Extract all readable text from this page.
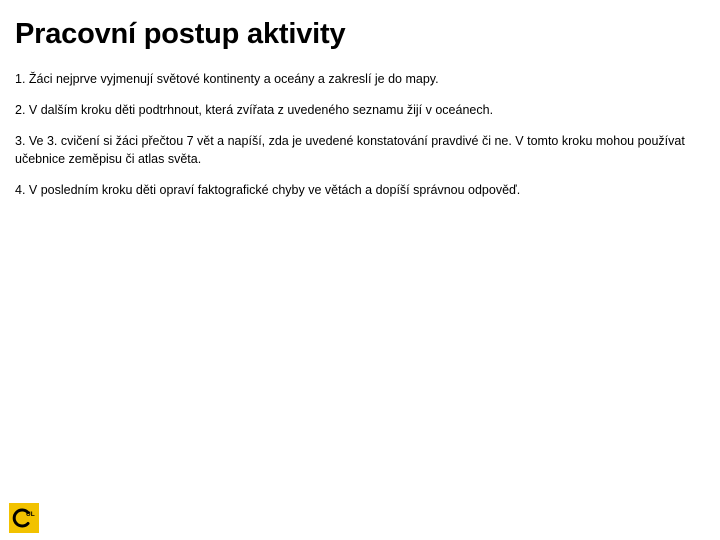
Pracovní postup aktivity
1. Žáci nejprve vyjmenují světové kontinenty a oceány a zakreslí je do mapy.
2. V dalším kroku děti podtrhnout, která zvířata z uvedeného seznamu žijí v oceánech.
3. Ve 3. cvičení si žáci přečtou 7 vět a napíší, zda je uvedené konstatování pravdivé či ne. V tomto kroku mohou používat učebnice zeměpisu či atlas světa.
4. V posledním kroku děti opraví faktografické chyby ve větách a dopíší správnou odpověď.
UL
